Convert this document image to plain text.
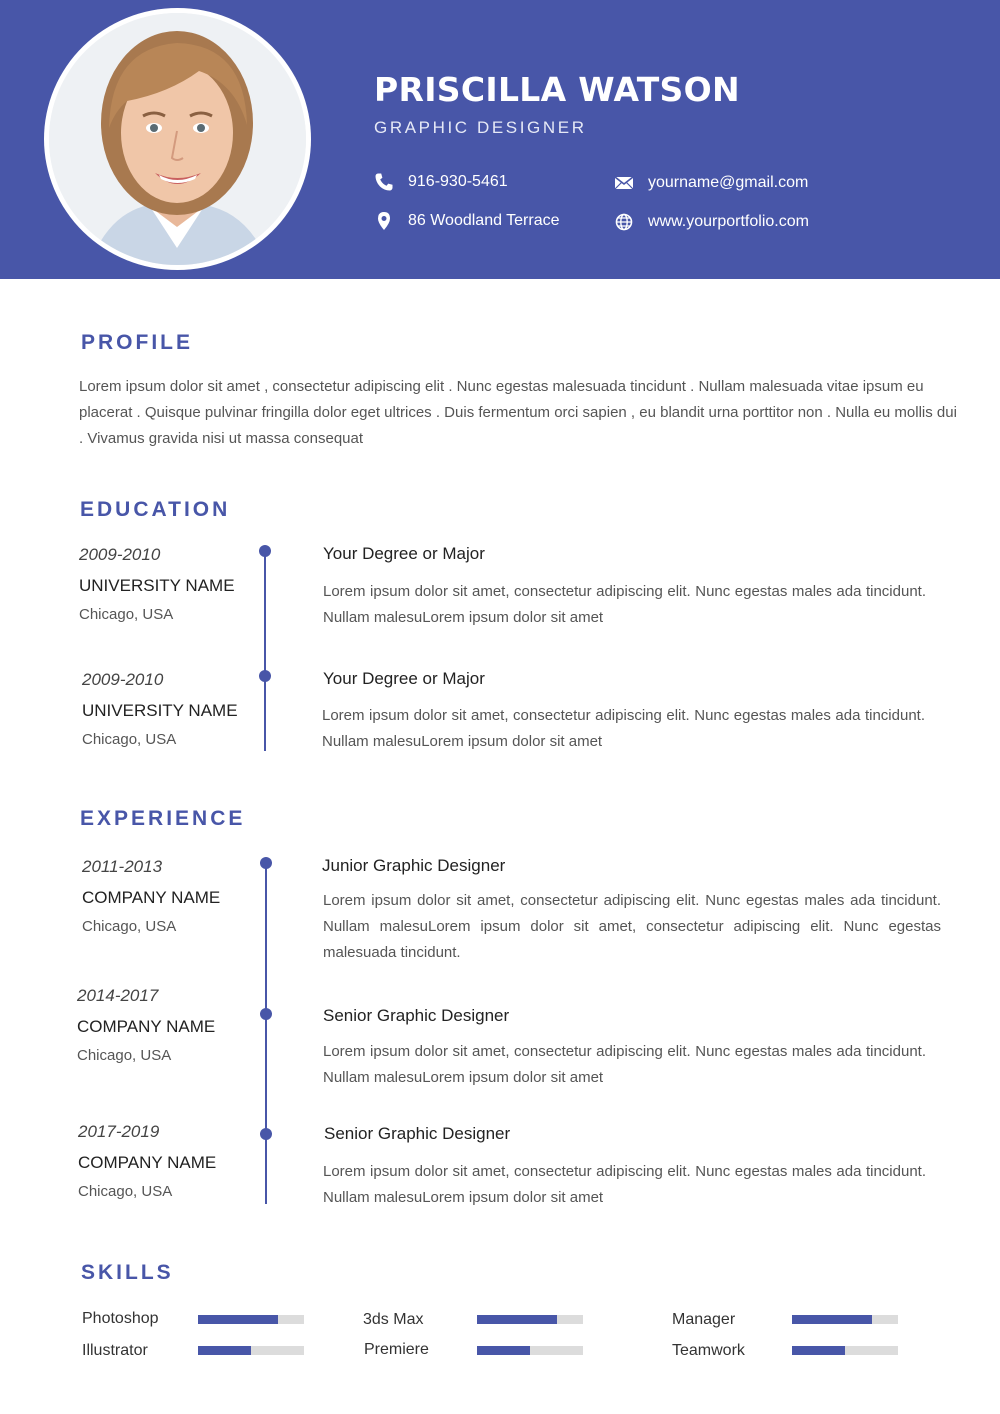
PRISCILLA WATSON
GRAPHIC DESIGNER
916-930-5461
86 Woodland Terrace
yourname@gmail.com
www.yourportfolio.com
PROFILE
Lorem ipsum dolor sit amet , consectetur adipiscing elit . Nunc egestas malesuada tincidunt . Nullam malesuada vitae ipsum eu placerat . Quisque pulvinar fringilla dolor eget ultrices . Duis fermentum orci sapien , eu blandit urna porttitor non . Nulla eu mollis dui . Vivamus gravida nisi ut massa consequat
EDUCATION
2009-2010
UNIVERSITY NAME
Chicago, USA
Your Degree or Major
Lorem ipsum dolor sit amet, consectetur adipiscing elit. Nunc egestas males ada tincidunt. Nullam malesuLorem ipsum dolor sit amet
2009-2010
UNIVERSITY NAME
Chicago, USA
Your Degree or Major
Lorem ipsum dolor sit amet, consectetur adipiscing elit. Nunc egestas males ada tincidunt. Nullam malesuLorem ipsum dolor sit amet
EXPERIENCE
2011-2013
COMPANY NAME
Chicago, USA
Junior Graphic Designer
Lorem ipsum dolor sit amet, consectetur adipiscing elit. Nunc egestas males ada tincidunt. Nullam malesuLorem ipsum dolor sit amet, consectetur adipiscing elit. Nunc egestas malesuada tincidunt.
2014-2017
COMPANY NAME
Chicago, USA
Senior Graphic Designer
Lorem ipsum dolor sit amet, consectetur adipiscing elit. Nunc egestas males ada tincidunt. Nullam malesuLorem ipsum dolor sit amet
2017-2019
COMPANY NAME
Chicago, USA
Senior Graphic Designer
Lorem ipsum dolor sit amet, consectetur adipiscing elit. Nunc egestas males ada tincidunt. Nullam malesuLorem ipsum dolor sit amet
SKILLS
Photoshop
Illustrator
3ds Max
Premiere
Manager
Teamwork
